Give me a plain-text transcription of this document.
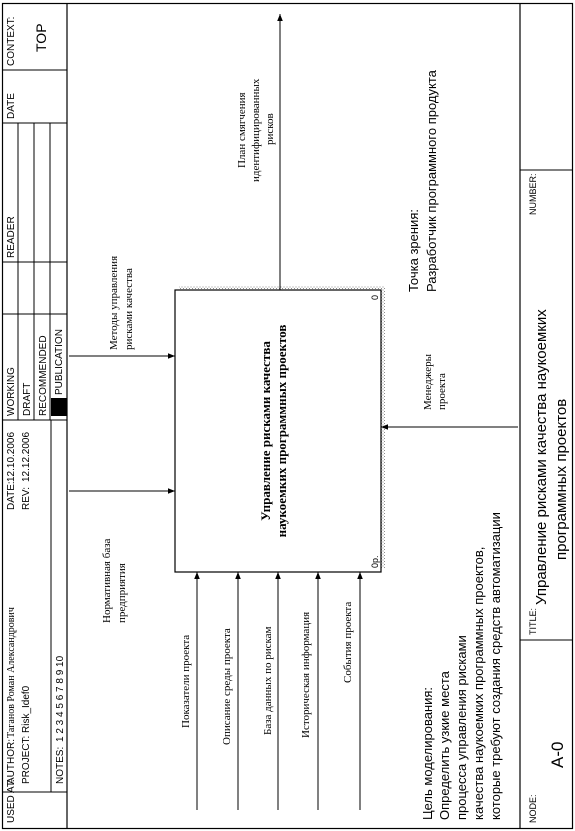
USED AT:
AUTHOR:
Таганов Роман Александрович
PROJECT:
Risk_Idef0
NOTES:
1 2 3 4 5 6 7 8 9 10
DATE:
12.10.2006
REV:
12.12.2006
WORKING DRAFT RECOMMENDED PUBLICATION
READER
DATE
CONTEXT: TOP
NODE:
A-0
TITLE:
Управление рисками качества наукоемких программных проектов
NUMBER:
Управление рисками качества наукоемких программных проектов
0
0р.
Нормативная база предприятия
Методы управления рисками качества
Показатели проекта	Описание среды проекта	База данных по рискам Историческая информация	События проекта
План смягчения идентифицированных рисков
Менеджеры проекта
Точка зрения: Разработчик программного продукта
Цель моделирования: Определить узкие места процесса управления рисками качества наукоемких программных проектов, которые требуют создания средств автоматизации
